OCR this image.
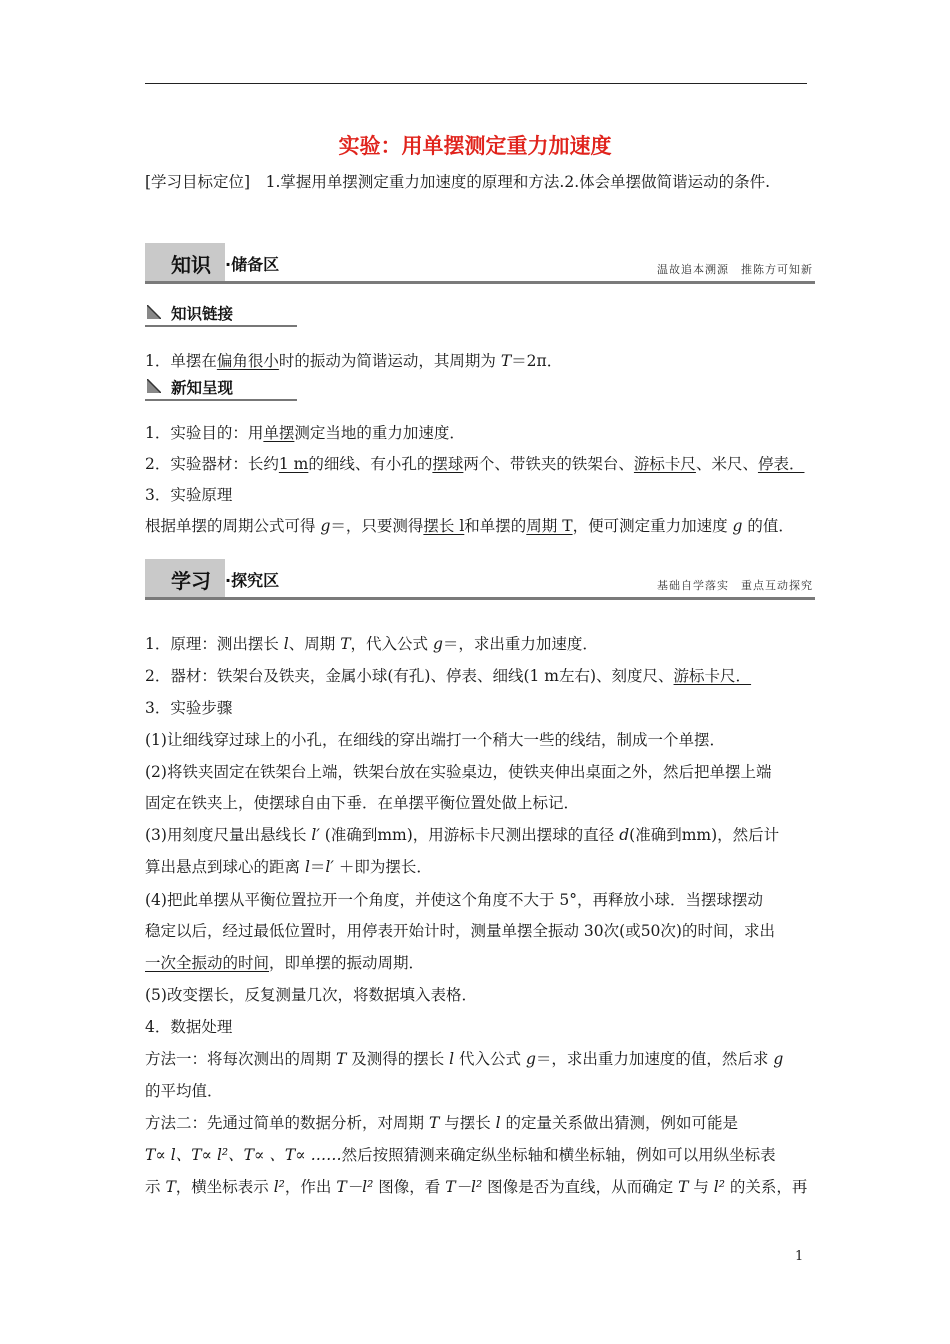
实验：用单摆测定重力加速度
[学习目标定位]　 1.掌握用单摆测定重力加速度的原理和方法.2.体会单摆做简谐运动的条件.
知识 ·储备区	温故追本溯源　推陈方可知新
知识链接
1．单摆在偏角很小时的振动为简谐运动，其周期为 T＝2π．
新知呈现
1．实验目的：用单摆测定当地的重力加速度．
2．实验器材：长约1 m的细线、有小孔的摆球两个、带铁夹的铁架台、游标卡尺、米尺、停表．
3．实验原理
根据单摆的周期公式可得 g＝，只要测得摆长 l和单摆的周期 T，便可测定重力加速度 g 的值．
学习 ·探究区	基础自学落实　重点互动探究
1．原理：测出摆长 l、周期 T，代入公式 g＝，求出重力加速度．
2．器材：铁架台及铁夹，金属小球(有孔)、停表、细线(1 m左右)、刻度尺、游标卡尺．
3．实验步骤
(1)让细线穿过球上的小孔，在细线的穿出端打一个稍大一些的线结，制成一个单摆．
(2)将铁夹固定在铁架台上端，铁架台放在实验桌边，使铁夹伸出桌面之外，然后把单摆上端
固定在铁夹上，使摆球自由下垂．在单摆平衡位置处做上标记．
(3)用刻度尺量出悬线长 l′ (准确到mm)，用游标卡尺测出摆球的直径 d(准确到mm)，然后计
算出悬点到球心的距离 l＝l′ ＋即为摆长．
(4)把此单摆从平衡位置拉开一个角度，并使这个角度不大于 5°，再释放小球．当摆球摆动
稳定以后，经过最低位置时，用停表开始计时，测量单摆全振动 30次(或50次)的时间，求出
一次全振动的时间，即单摆的振动周期．
(5)改变摆长，反复测量几次，将数据填入表格．
4．数据处理
方法一：将每次测出的周期 T 及测得的摆长 l 代入公式 g＝，求出重力加速度的值，然后求 g
的平均值．
方法二：先通过简单的数据分析，对周期 T 与摆长 l 的定量关系做出猜测，例如可能是
T∝ l、T∝ l²、T∝ 、T∝ ……然后按照猜测来确定纵坐标轴和横坐标轴，例如可以用纵坐标表
示 T，横坐标表示 l²，作出 T－l² 图像，看 T－l² 图像是否为直线，从而确定 T 与 l² 的关系，再
1
